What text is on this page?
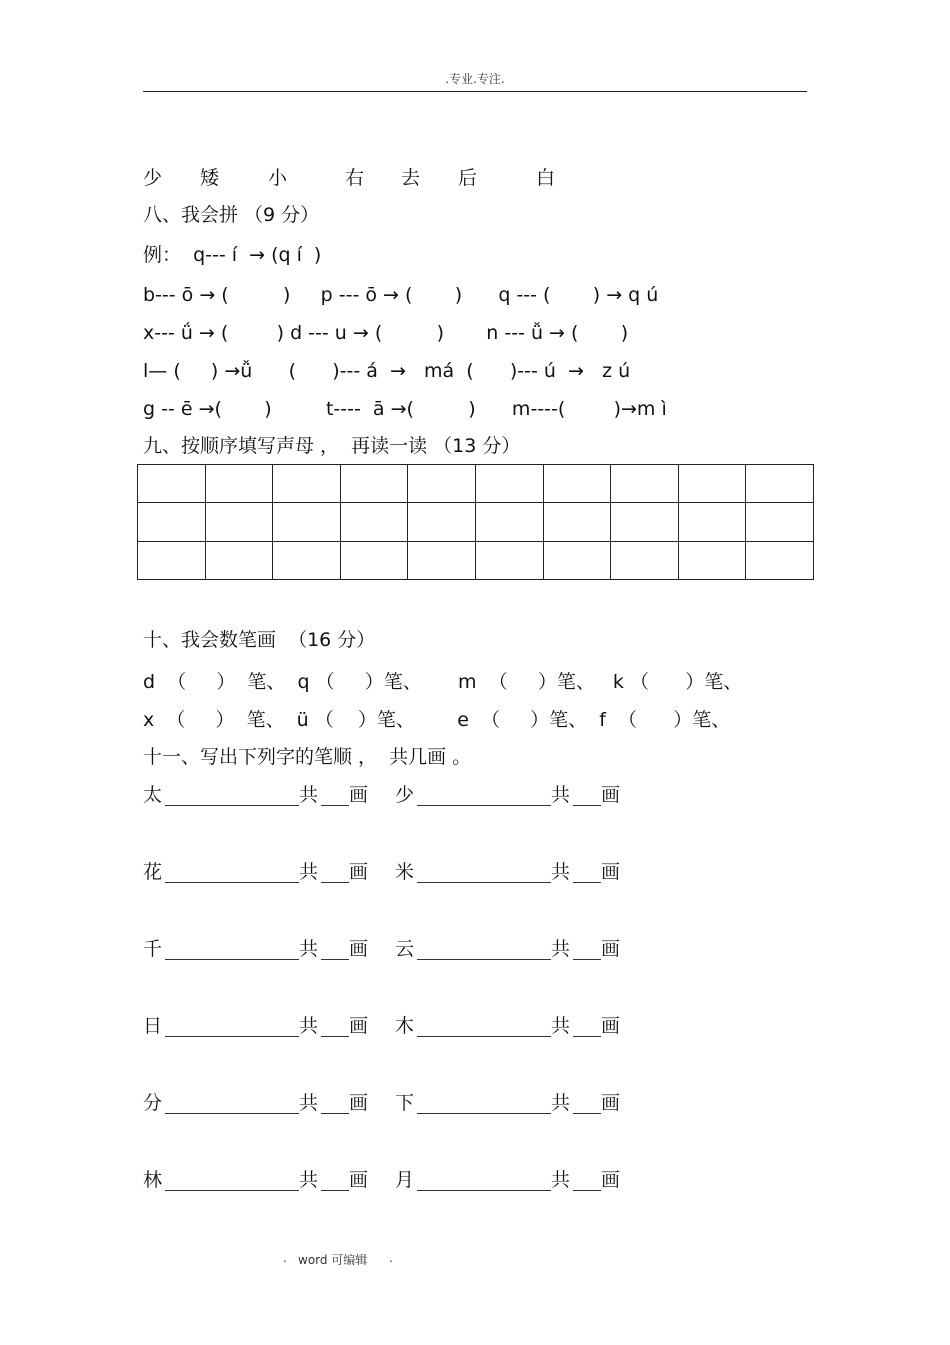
.专业.专注.
少 矮	小	右 去 后	白
八、我会拼 （9 分）
例：  q--- í  → (q í  )
b--- ō → (         )     p --- ō → (       )      q --- (       ) → q ú
x--- ǘ → (        ) d --- u → (         )       n --- ǚ → (       )
l— (     ) →ǚ      (      )--- á  →   má  (      )--- ú  →   z ú
g -- ē →(       )         t----  ā →(         )      m----(        )→m ì
九、按顺序填写声母 ，  再读一读 （13 分）

十、我会数笔画  （16 分）
d  （     ）  笔、  q （     ）笔、      m  （     ）笔、   k （      ）笔、
x  （     ）  笔、  ü （    ）笔、       e  （     ）笔、  f  （      ）笔、
十一、写出下列字的笔顺 ，  共几画 。
太	共 画 少	共 画
花	共 画 米	共 画
千	共 画 云	共 画
日	共 画 木	共 画
分	共 画 下	共 画
林	共 画 月	共 画
. word 可编辑 .
